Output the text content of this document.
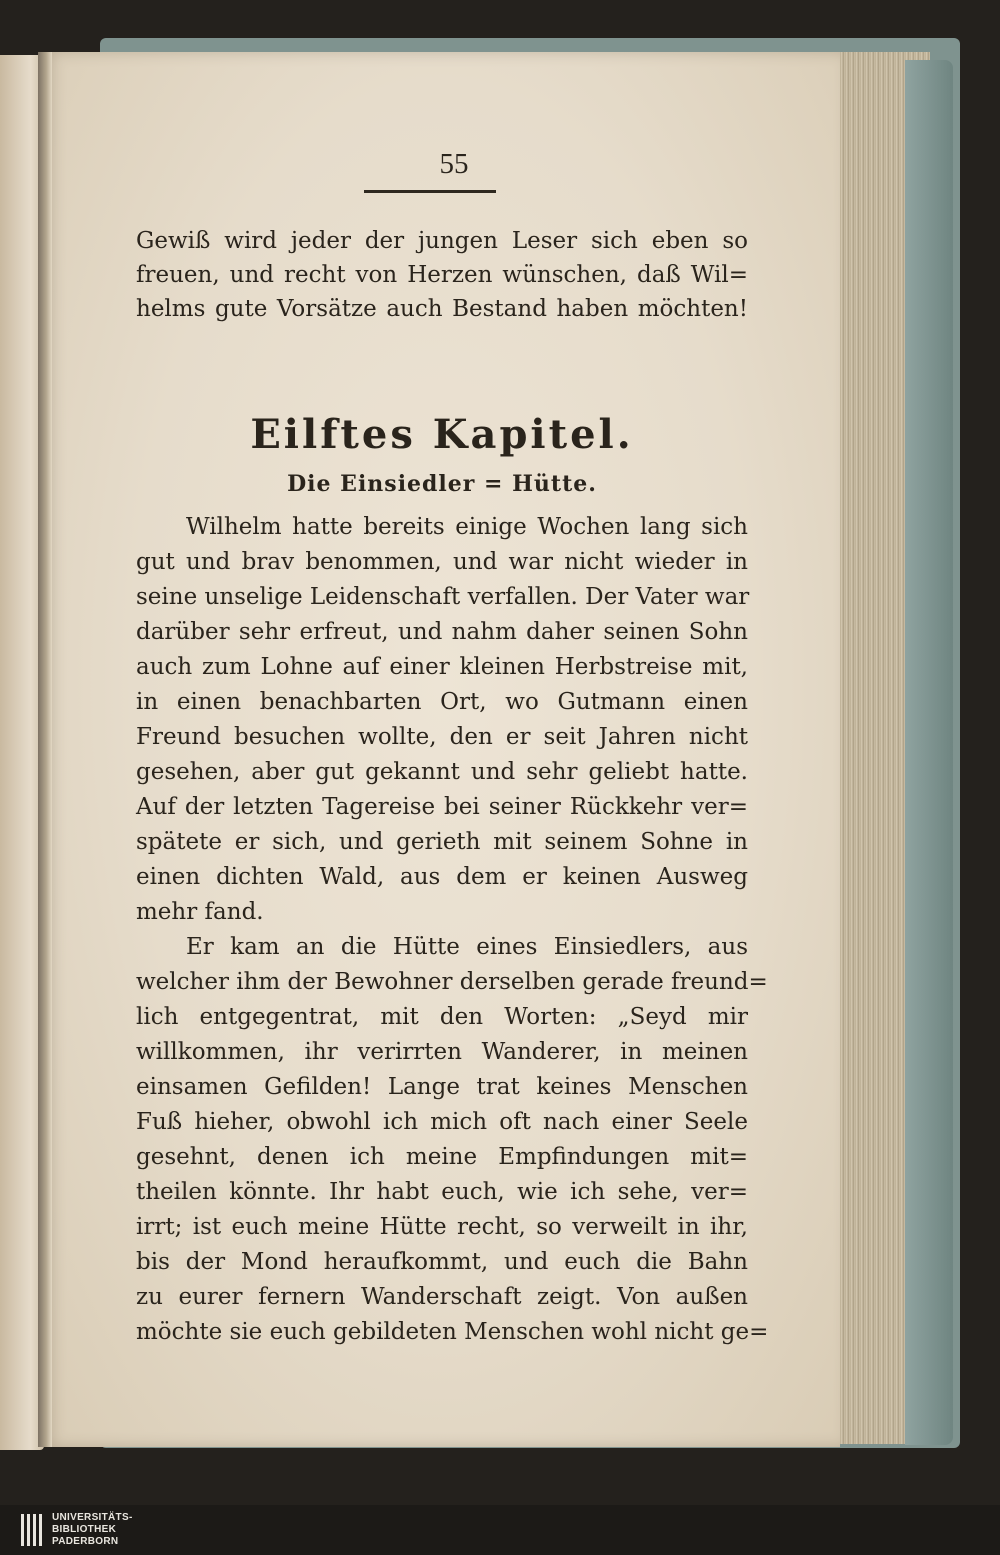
55
Gewiß wird jeder der jungen Leser sich eben so
freuen, und recht von Herzen wünschen, daß Wil=
helms gute Vorsätze auch Bestand haben möchten!
Eilftes Kapitel.
Die Einsiedler = Hütte.
Wilhelm hatte bereits einige Wochen lang sich
gut und brav benommen, und war nicht wieder in
seine unselige Leidenschaft verfallen. Der Vater war
darüber sehr erfreut, und nahm daher seinen Sohn
auch zum Lohne auf einer kleinen Herbstreise mit,
in einen benachbarten Ort, wo Gutmann einen
Freund besuchen wollte, den er seit Jahren nicht
gesehen, aber gut gekannt und sehr geliebt hatte.
Auf der letzten Tagereise bei seiner Rückkehr ver=
spätete er sich, und gerieth mit seinem Sohne in
einen dichten Wald, aus dem er keinen Ausweg
mehr fand.
Er kam an die Hütte eines Einsiedlers, aus
welcher ihm der Bewohner derselben gerade freund=
lich entgegentrat, mit den Worten: „Seyd mir
willkommen, ihr verirrten Wanderer, in meinen
einsamen Gefilden! Lange trat keines Menschen
Fuß hieher, obwohl ich mich oft nach einer Seele
gesehnt, denen ich meine Empfindungen mit=
theilen könnte. Ihr habt euch, wie ich sehe, ver=
irrt; ist euch meine Hütte recht, so verweilt in ihr,
bis der Mond heraufkommt, und euch die Bahn
zu eurer fernern Wanderschaft zeigt. Von außen
möchte sie euch gebildeten Menschen wohl nicht ge=
UNIVERSITÄTS-
BIBLIOTHEK
PADERBORN
